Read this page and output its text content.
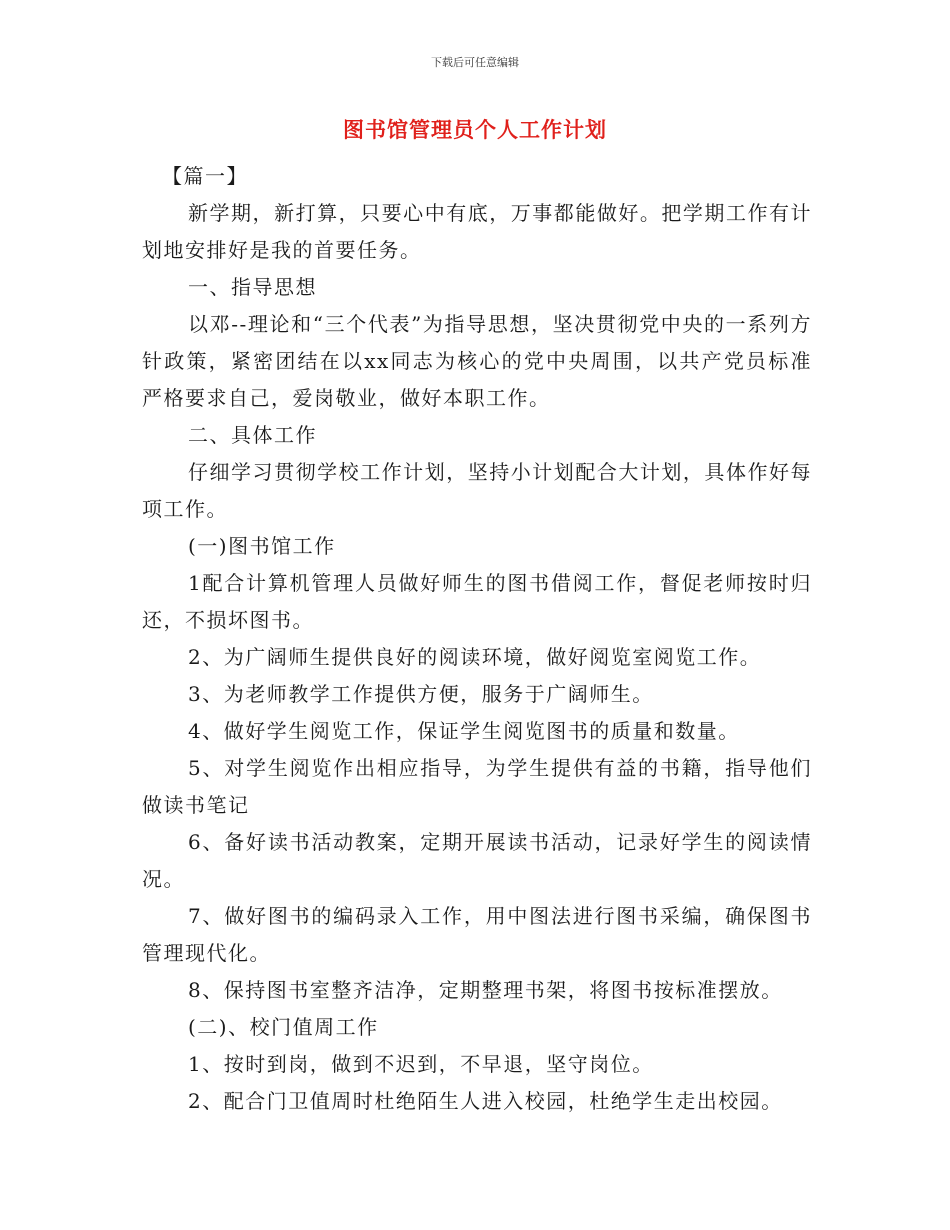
下载后可任意编辑
图书馆管理员个人工作计划

【篇一】

新学期，新打算，只要心中有底，万事都能做好。把学期工作有计划地安排好是我的首要任务。

一、指导思想

以邓--理论和“三个代表”为指导思想，坚决贯彻党中央的一系列方针政策，紧密团结在以xx同志为核心的党中央周围，以共产党员标准严格要求自己，爱岗敬业，做好本职工作。

二、具体工作

仔细学习贯彻学校工作计划，坚持小计划配合大计划，具体作好每项工作。

(一)图书馆工作

1配合计算机管理人员做好师生的图书借阅工作，督促老师按时归还，不损坏图书。

2、为广阔师生提供良好的阅读环境，做好阅览室阅览工作。

3、为老师教学工作提供方便，服务于广阔师生。

4、做好学生阅览工作，保证学生阅览图书的质量和数量。

5、对学生阅览作出相应指导，为学生提供有益的书籍，指导他们做读书笔记

6、备好读书活动教案，定期开展读书活动，记录好学生的阅读情况。

7、做好图书的编码录入工作，用中图法进行图书采编，确保图书管理现代化。

8、保持图书室整齐洁净，定期整理书架，将图书按标准摆放。

(二)、校门值周工作

1、按时到岗，做到不迟到，不早退，坚守岗位。

2、配合门卫值周时杜绝陌生人进入校园，杜绝学生走出校园。
